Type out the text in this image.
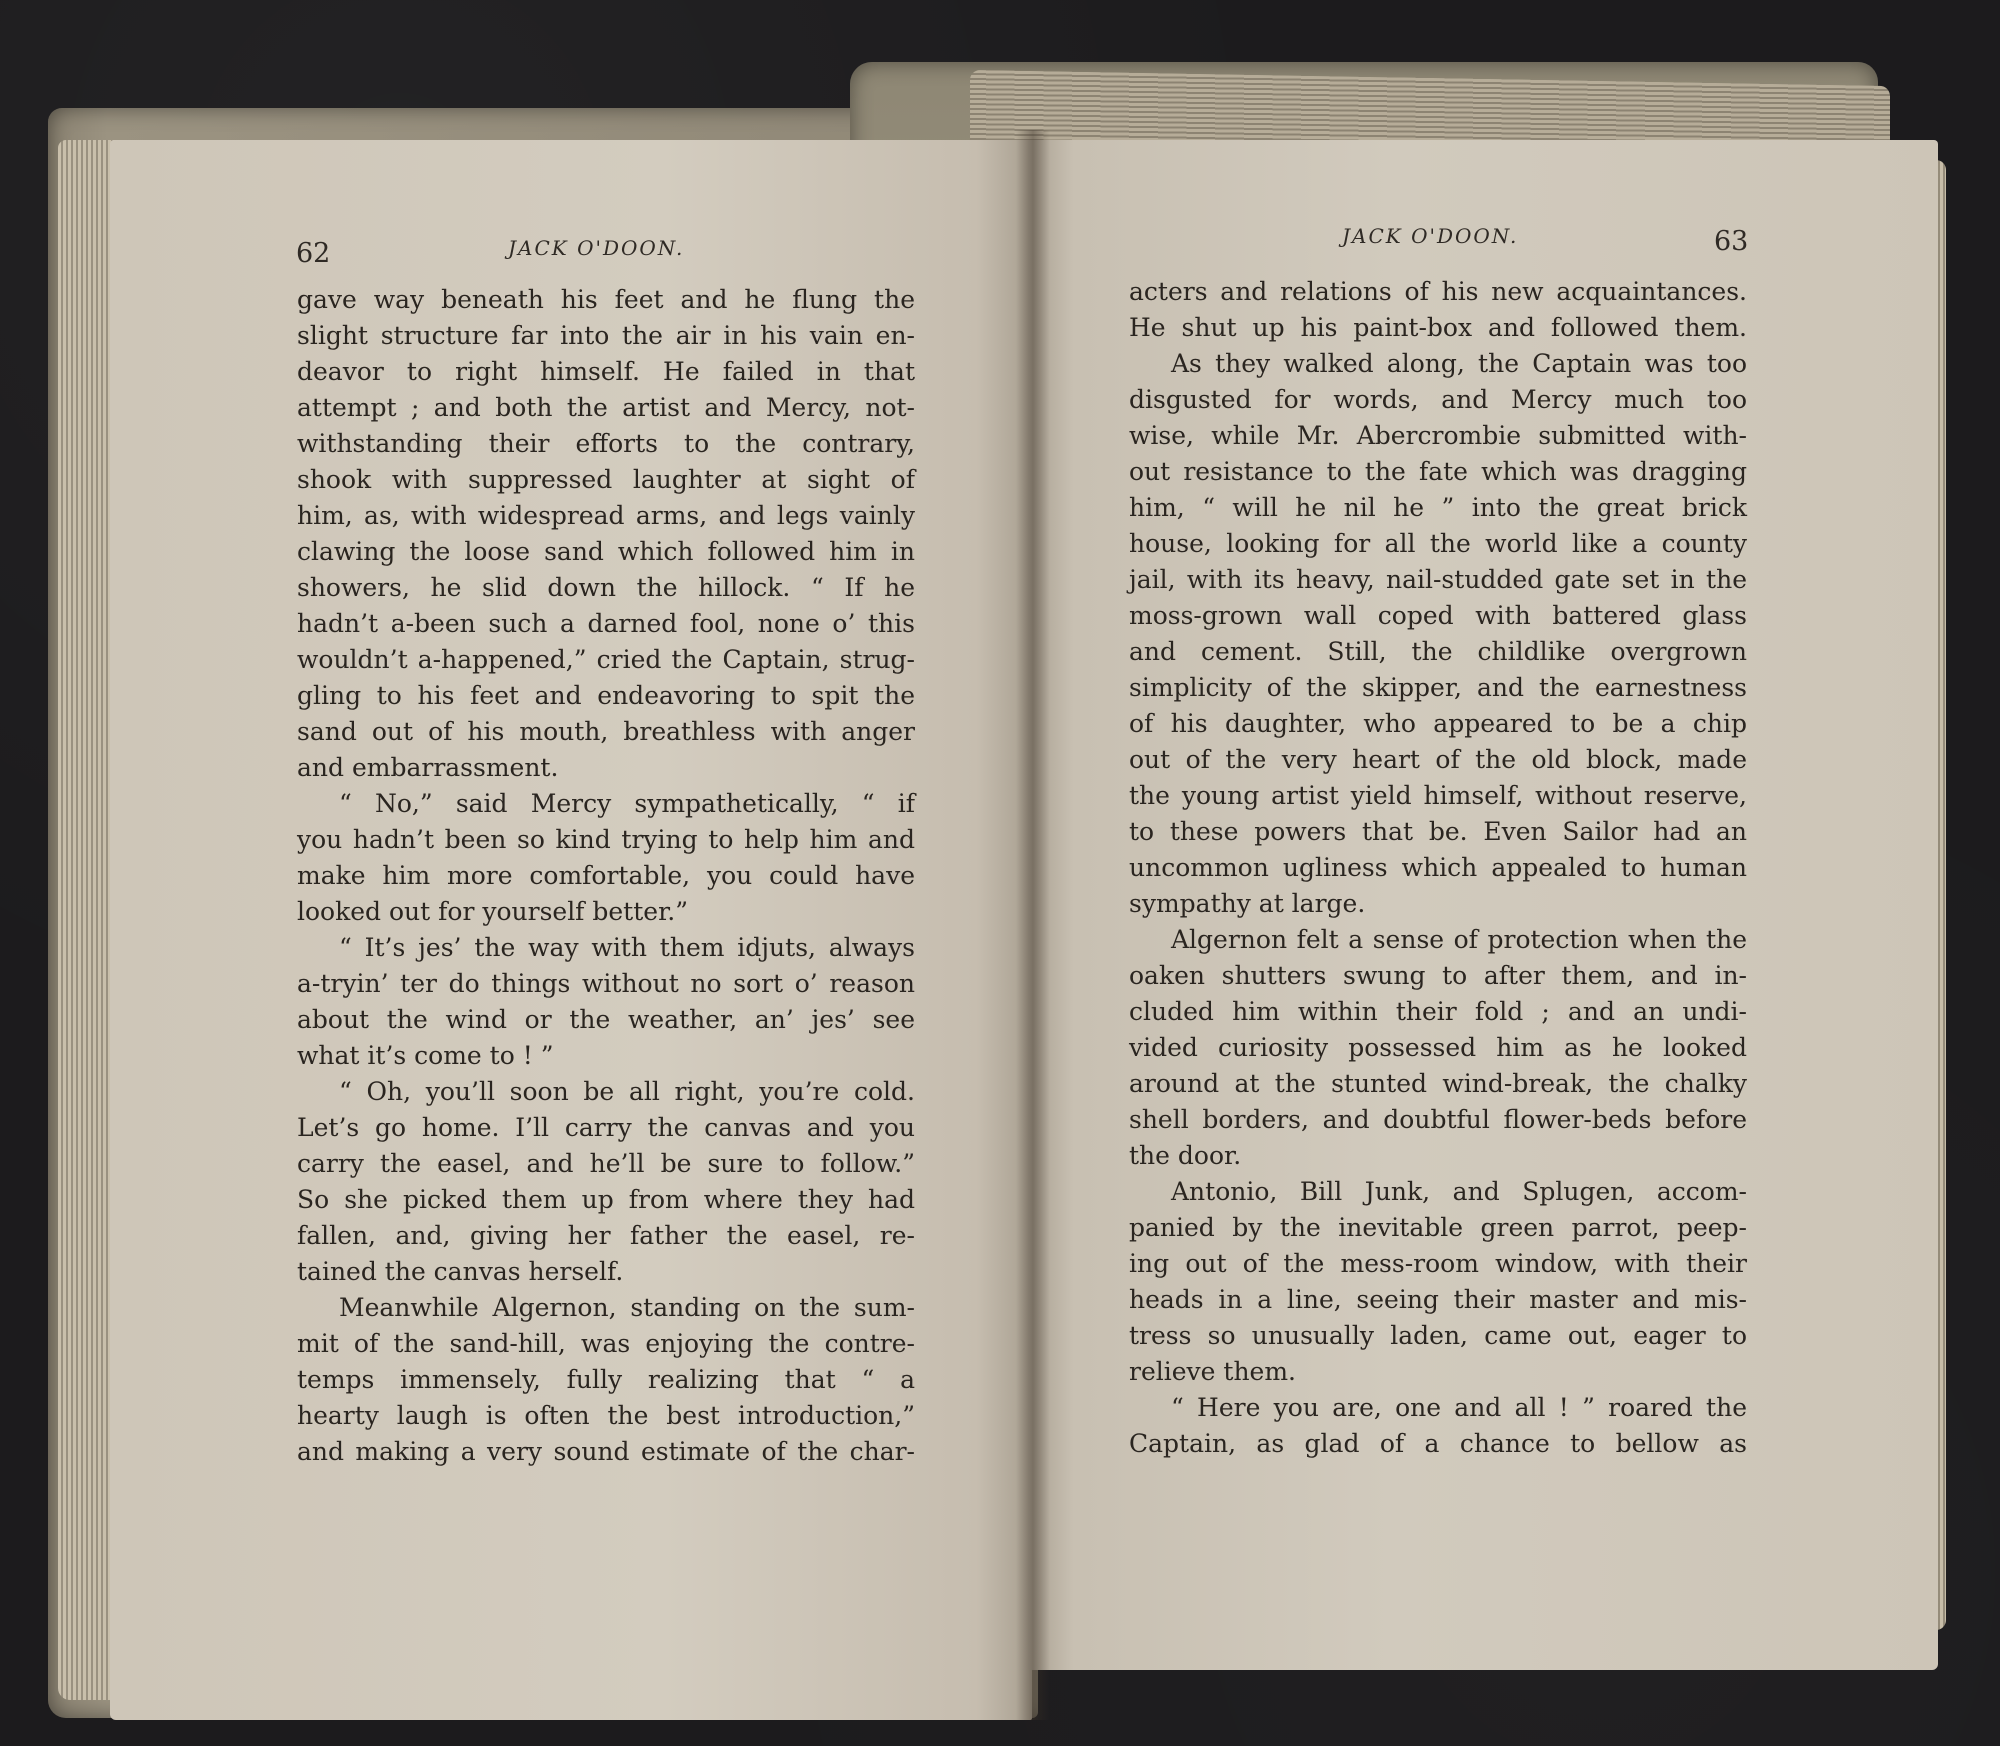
62	JACK O'DOON.	JACK O'DOON.	63
gave way beneath his feet and he flung the
slight structure far into the air in his vain en-
deavor to right himself. He failed in that
attempt ; and both the artist and Mercy, not-
withstanding their efforts to the contrary,
shook with suppressed laughter at sight of
him, as, with widespread arms, and legs vainly
clawing the loose sand which followed him in
showers, he slid down the hillock. “ If he
hadn’t a-been such a darned fool, none o’ this
wouldn’t a-happened,” cried the Captain, strug-
gling to his feet and endeavoring to spit the
sand out of his mouth, breathless with anger
and embarrassment.
“ No,” said Mercy sympathetically, “ if
you hadn’t been so kind trying to help him and
make him more comfortable, you could have
looked out for yourself better.”
“ It’s jes’ the way with them idjuts, always
a-tryin’ ter do things without no sort o’ reason
about the wind or the weather, an’ jes’ see
what it’s come to ! ”
“ Oh, you’ll soon be all right, you’re cold.
Let’s go home. I’ll carry the canvas and you
carry the easel, and he’ll be sure to follow.”
So she picked them up from where they had
fallen, and, giving her father the easel, re-
tained the canvas herself.
Meanwhile Algernon, standing on the sum-
mit of the sand-hill, was enjoying the contre-
temps immensely, fully realizing that “ a
hearty laugh is often the best introduction,”
and making a very sound estimate of the char-
acters and relations of his new acquaintances.
He shut up his paint-box and followed them.
As they walked along, the Captain was too
disgusted for words, and Mercy much too
wise, while Mr. Abercrombie submitted with-
out resistance to the fate which was dragging
him, “ will he nil he ” into the great brick
house, looking for all the world like a county
jail, with its heavy, nail-studded gate set in the
moss-grown wall coped with battered glass
and cement. Still, the childlike overgrown
simplicity of the skipper, and the earnestness
of his daughter, who appeared to be a chip
out of the very heart of the old block, made
the young artist yield himself, without reserve,
to these powers that be. Even Sailor had an
uncommon ugliness which appealed to human
sympathy at large.
Algernon felt a sense of protection when the
oaken shutters swung to after them, and in-
cluded him within their fold ; and an undi-
vided curiosity possessed him as he looked
around at the stunted wind-break, the chalky
shell borders, and doubtful flower-beds before
the door.
Antonio, Bill Junk, and Splugen, accom-
panied by the inevitable green parrot, peep-
ing out of the mess-room window, with their
heads in a line, seeing their master and mis-
tress so unusually laden, came out, eager to
relieve them.
“ Here you are, one and all ! ” roared the
Captain, as glad of a chance to bellow as
